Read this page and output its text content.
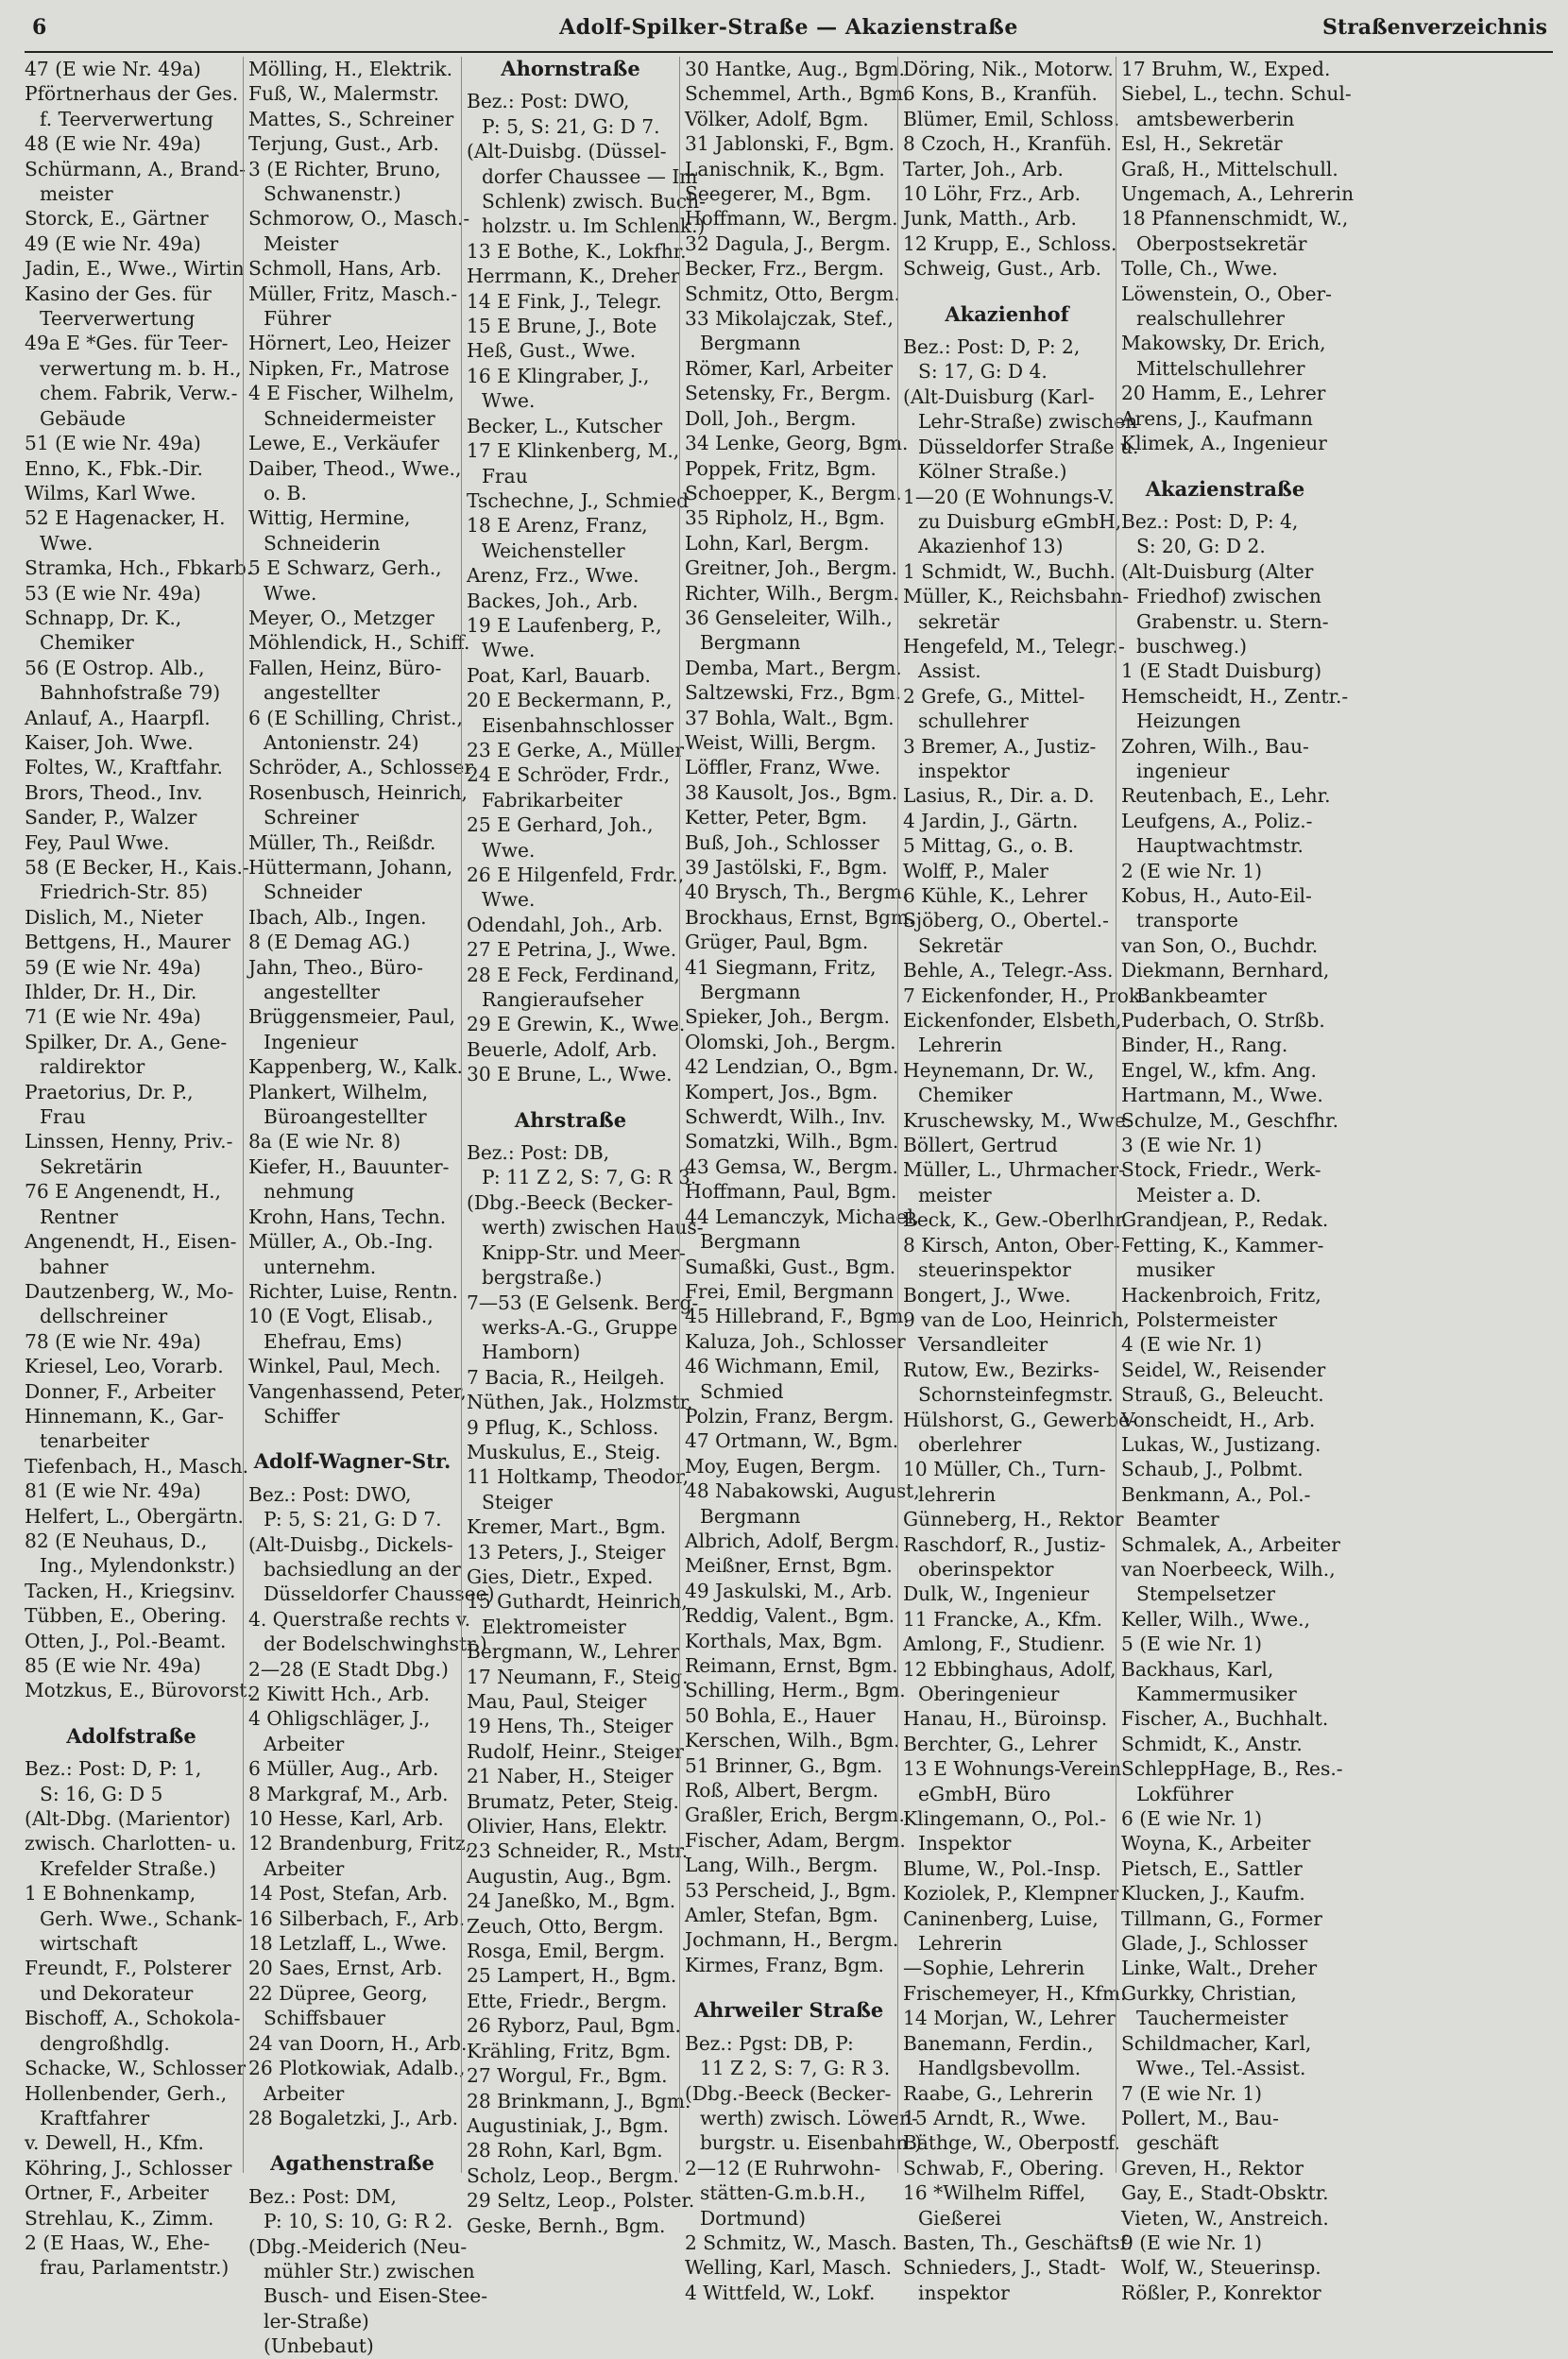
6	Adolf-Spilker-Straße — Akazienstraße	Straßenverzeichnis
47 (E wie Nr. 49a)
Pförtnerhaus der Ges.
f. Teerverwertung
48 (E wie Nr. 49a)
Schürmann, A., Brand-
meister
Storck, E., Gärtner
49 (E wie Nr. 49a)
Jadin, E., Wwe., Wirtin
Kasino der Ges. für
Teerverwertung
49a E *Ges. für Teer-
verwertung m. b. H.,
chem. Fabrik, Verw.-
Gebäude
51 (E wie Nr. 49a)
Enno, K., Fbk.-Dir.
Wilms, Karl Wwe.
52 E Hagenacker, H.
Wwe.
Stramka, Hch., Fbkarb.
53 (E wie Nr. 49a)
Schnapp, Dr. K.,
Chemiker
56 (E Ostrop. Alb.,
Bahnhofstraße 79)
Anlauf, A., Haarpfl.
Kaiser, Joh. Wwe.
Foltes, W., Kraftfahr.
Brors, Theod., Inv.
Sander, P., Walzer
Fey, Paul Wwe.
58 (E Becker, H., Kais.-
Friedrich-Str. 85)
Dislich, M., Nieter
Bettgens, H., Maurer
59 (E wie Nr. 49a)
Ihlder, Dr. H., Dir.
71 (E wie Nr. 49a)
Spilker, Dr. A., Gene-
raldirektor
Praetorius, Dr. P.,
Frau
Linssen, Henny, Priv.-
Sekretärin
76 E Angenendt, H.,
Rentner
Angenendt, H., Eisen-
bahner
Dautzenberg, W., Mo-
dellschreiner
78 (E wie Nr. 49a)
Kriesel, Leo, Vorarb.
Donner, F., Arbeiter
Hinnemann, K., Gar-
tenarbeiter
Tiefenbach, H., Masch.
81 (E wie Nr. 49a)
Helfert, L., Obergärtn.
82 (E Neuhaus, D.,
Ing., Mylendonkstr.)
Tacken, H., Kriegsinv.
Tübben, E., Obering.
Otten, J., Pol.-Beamt.
85 (E wie Nr. 49a)
Motzkus, E., Bürovorst.
Adolfstraße
Bez.: Post: D, P: 1,
S: 16, G: D 5
(Alt-Dbg. (Marientor)
zwisch. Charlotten- u.
Krefelder Straße.)
1 E Bohnenkamp,
Gerh. Wwe., Schank-
wirtschaft
Freundt, F., Polsterer
und Dekorateur
Bischoff, A., Schokola-
dengroßhdlg.
Schacke, W., Schlosser
Hollenbender, Gerh.,
Kraftfahrer
v. Dewell, H., Kfm.
Köhring, J., Schlosser
Ortner, F., Arbeiter
Strehlau, K., Zimm.
2 (E Haas, W., Ehe-
frau, Parlamentstr.)
Mölling, H., Elektrik.
Fuß, W., Malermstr.
Mattes, S., Schreiner
Terjung, Gust., Arb.
3 (E Richter, Bruno,
Schwanenstr.)
Schmorow, O., Masch.-
Meister
Schmoll, Hans, Arb.
Müller, Fritz, Masch.-
Führer
Hörnert, Leo, Heizer
Nipken, Fr., Matrose
4 E Fischer, Wilhelm,
Schneidermeister
Lewe, E., Verkäufer
Daiber, Theod., Wwe.,
o. B.
Wittig, Hermine,
Schneiderin
5 E Schwarz, Gerh.,
Wwe.
Meyer, O., Metzger
Möhlendick, H., Schiff.
Fallen, Heinz, Büro-
angestellter
6 (E Schilling, Christ.,
Antonienstr. 24)
Schröder, A., Schlosser
Rosenbusch, Heinrich,
Schreiner
Müller, Th., Reißdr.
Hüttermann, Johann,
Schneider
Ibach, Alb., Ingen.
8 (E Demag AG.)
Jahn, Theo., Büro-
angestellter
Brüggensmeier, Paul,
Ingenieur
Kappenberg, W., Kalk.
Plankert, Wilhelm,
Büroangestellter
8a (E wie Nr. 8)
Kiefer, H., Bauunter-
nehmung
Krohn, Hans, Techn.
Müller, A., Ob.-Ing.
unternehm.
Richter, Luise, Rentn.
10 (E Vogt, Elisab.,
Ehefrau, Ems)
Winkel, Paul, Mech.
Vangenhassend, Peter,
Schiffer
Adolf-Wagner-Str.
Bez.: Post: DWO,
P: 5, S: 21, G: D 7.
(Alt-Duisbg., Dickels-
bachsiedlung an der
Düsseldorfer Chaussee)
4. Querstraße rechts v.
der Bodelschwinghstr.)
2—28 (E Stadt Dbg.)
2 Kiwitt Hch., Arb.
4 Ohligschläger, J.,
Arbeiter
6 Müller, Aug., Arb.
8 Markgraf, M., Arb.
10 Hesse, Karl, Arb.
12 Brandenburg, Fritz,
Arbeiter
14 Post, Stefan, Arb.
16 Silberbach, F., Arb.
18 Letzlaff, L., Wwe.
20 Saes, Ernst, Arb.
22 Düpree, Georg,
Schiffsbauer
24 van Doorn, H., Arb.
26 Plotkowiak, Adalb.,
Arbeiter
28 Bogaletzki, J., Arb.
Agathenstraße
Bez.: Post: DM,
P: 10, S: 10, G: R 2.
(Dbg.-Meiderich (Neu-
mühler Str.) zwischen
Busch- und Eisen-Stee-
ler-Straße)
(Unbebaut)
Ahornstraße
Bez.: Post: DWO,
P: 5, S: 21, G: D 7.
(Alt-Duisbg. (Düssel-
dorfer Chaussee — Im
Schlenk) zwisch. Buch-
holzstr. u. Im Schlenk.)
13 E Bothe, K., Lokfhr.
Herrmann, K., Dreher
14 E Fink, J., Telegr.
15 E Brune, J., Bote
Heß, Gust., Wwe.
16 E Klingraber, J.,
Wwe.
Becker, L., Kutscher
17 E Klinkenberg, M.,
Frau
Tschechne, J., Schmied
18 E Arenz, Franz,
Weichensteller
Arenz, Frz., Wwe.
Backes, Joh., Arb.
19 E Laufenberg, P.,
Wwe.
Poat, Karl, Bauarb.
20 E Beckermann, P.,
Eisenbahnschlosser
23 E Gerke, A., Müller
24 E Schröder, Frdr.,
Fabrikarbeiter
25 E Gerhard, Joh.,
Wwe.
26 E Hilgenfeld, Frdr.,
Wwe.
Odendahl, Joh., Arb.
27 E Petrina, J., Wwe.
28 E Feck, Ferdinand,
Rangieraufseher
29 E Grewin, K., Wwe.
Beuerle, Adolf, Arb.
30 E Brune, L., Wwe.
Ahrstraße
Bez.: Post: DB,
P: 11 Z 2, S: 7, G: R 3.
(Dbg.-Beeck (Becker-
werth) zwischen Haus-
Knipp-Str. und Meer-
bergstraße.)
7—53 (E Gelsenk. Berg-
werks-A.-G., Gruppe
Hamborn)
7 Bacia, R., Heilgeh.
Nüthen, Jak., Holzmstr.
9 Pflug, K., Schloss.
Muskulus, E., Steig.
11 Holtkamp, Theodor,
Steiger
Kremer, Mart., Bgm.
13 Peters, J., Steiger
Gies, Dietr., Exped.
15 Guthardt, Heinrich,
Elektromeister
Bergmann, W., Lehrer
17 Neumann, F., Steig.
Mau, Paul, Steiger
19 Hens, Th., Steiger
Rudolf, Heinr., Steiger
21 Naber, H., Steiger
Brumatz, Peter, Steig.
Olivier, Hans, Elektr.
23 Schneider, R., Mstr.
Augustin, Aug., Bgm.
24 Janeßko, M., Bgm.
Zeuch, Otto, Bergm.
Rosga, Emil, Bergm.
25 Lampert, H., Bgm.
Ette, Friedr., Bergm.
26 Ryborz, Paul, Bgm.
Krähling, Fritz, Bgm.
27 Worgul, Fr., Bgm.
28 Brinkmann, J., Bgm.
Augustiniak, J., Bgm.
28 Rohn, Karl, Bgm.
Scholz, Leop., Bergm.
29 Seltz, Leop., Polster.
Geske, Bernh., Bgm.
30 Hantke, Aug., Bgm.
Schemmel, Arth., Bgm.
Völker, Adolf, Bgm.
31 Jablonski, F., Bgm.
Lanischnik, K., Bgm.
Seegerer, M., Bgm.
Hoffmann, W., Bergm.
32 Dagula, J., Bergm.
Becker, Frz., Bergm.
Schmitz, Otto, Bergm.
33 Mikolajczak, Stef.,
Bergmann
Römer, Karl, Arbeiter
Setensky, Fr., Bergm.
Doll, Joh., Bergm.
34 Lenke, Georg, Bgm.
Poppek, Fritz, Bgm.
Schoepper, K., Bergm.
35 Ripholz, H., Bgm.
Lohn, Karl, Bergm.
Greitner, Joh., Bergm.
Richter, Wilh., Bergm.
36 Genseleiter, Wilh.,
Bergmann
Demba, Mart., Bergm.
Saltzewski, Frz., Bgm.
37 Bohla, Walt., Bgm.
Weist, Willi, Bergm.
Löffler, Franz, Wwe.
38 Kausolt, Jos., Bgm.
Ketter, Peter, Bgm.
Buß, Joh., Schlosser
39 Jastölski, F., Bgm.
40 Brysch, Th., Bergm.
Brockhaus, Ernst, Bgm.
Grüger, Paul, Bgm.
41 Siegmann, Fritz,
Bergmann
Spieker, Joh., Bergm.
Olomski, Joh., Bergm.
42 Lendzian, O., Bgm.
Kompert, Jos., Bgm.
Schwerdt, Wilh., Inv.
Somatzki, Wilh., Bgm.
43 Gemsa, W., Bergm.
Hoffmann, Paul, Bgm.
44 Lemanczyk, Michael,
Bergmann
Sumaßki, Gust., Bgm.
Frei, Emil, Bergmann
45 Hillebrand, F., Bgm.
Kaluza, Joh., Schlosser
46 Wichmann, Emil,
Schmied
Polzin, Franz, Bergm.
47 Ortmann, W., Bgm.
Moy, Eugen, Bergm.
48 Nabakowski, August,
Bergmann
Albrich, Adolf, Bergm.
Meißner, Ernst, Bgm.
49 Jaskulski, M., Arb.
Reddig, Valent., Bgm.
Korthals, Max, Bgm.
Reimann, Ernst, Bgm.
Schilling, Herm., Bgm.
50 Bohla, E., Hauer
Kerschen, Wilh., Bgm.
51 Brinner, G., Bgm.
Roß, Albert, Bergm.
Graßler, Erich, Bergm.
Fischer, Adam, Bergm.
Lang, Wilh., Bergm.
53 Perscheid, J., Bgm.
Amler, Stefan, Bgm.
Jochmann, H., Bergm.
Kirmes, Franz, Bgm.
Ahrweiler Straße
Bez.: Pgst: DB, P:
11 Z 2, S: 7, G: R 3.
(Dbg.-Beeck (Becker-
werth) zwisch. Löwen-
burgstr. u. Eisenbahn.)
2—12 (E Ruhrwohn-
stätten-G.m.b.H.,
Dortmund)
2 Schmitz, W., Masch.
Welling, Karl, Masch.
4 Wittfeld, W., Lokf.
Döring, Nik., Motorw.
6 Kons, B., Kranfüh.
Blümer, Emil, Schloss.
8 Czoch, H., Kranfüh.
Tarter, Joh., Arb.
10 Löhr, Frz., Arb.
Junk, Matth., Arb.
12 Krupp, E., Schloss.
Schweig, Gust., Arb.
Akazienhof
Bez.: Post: D, P: 2,
S: 17, G: D 4.
(Alt-Duisburg (Karl-
Lehr-Straße) zwischen
Düsseldorfer Straße u.
Kölner Straße.)
1—20 (E Wohnungs-V.
zu Duisburg eGmbH,
Akazienhof 13)
1 Schmidt, W., Buchh.
Müller, K., Reichsbahn-
sekretär
Hengefeld, M., Telegr.-
Assist.
2 Grefe, G., Mittel-
schullehrer
3 Bremer, A., Justiz-
inspektor
Lasius, R., Dir. a. D.
4 Jardin, J., Gärtn.
5 Mittag, G., o. B.
Wolff, P., Maler
6 Kühle, K., Lehrer
Sjöberg, O., Obertel.-
Sekretär
Behle, A., Telegr.-Ass.
7 Eickenfonder, H., Prok.
Eickenfonder, Elsbeth,
Lehrerin
Heynemann, Dr. W.,
Chemiker
Kruschewsky, M., Wwe.
Böllert, Gertrud
Müller, L., Uhrmacher-
meister
Beck, K., Gew.-Oberlhr.
8 Kirsch, Anton, Ober-
steuerinspektor
Bongert, J., Wwe.
9 van de Loo, Heinrich,
Versandleiter
Rutow, Ew., Bezirks-
Schornsteinfegmstr.
Hülshorst, G., Gewerbe-
oberlehrer
10 Müller, Ch., Turn-
lehrerin
Günneberg, H., Rektor
Raschdorf, R., Justiz-
oberinspektor
Dulk, W., Ingenieur
11 Francke, A., Kfm.
Amlong, F., Studienr.
12 Ebbinghaus, Adolf,
Oberingenieur
Hanau, H., Büroinsp.
Berchter, G., Lehrer
13 E Wohnungs-Verein
eGmbH, Büro
Klingemann, O., Pol.-
Inspektor
Blume, W., Pol.-Insp.
Koziolek, P., Klempner
Caninenberg, Luise,
Lehrerin
—Sophie, Lehrerin
Frischemeyer, H., Kfm.
14 Morjan, W., Lehrer
Banemann, Ferdin.,
Handlgsbevollm.
Raabe, G., Lehrerin
15 Arndt, R., Wwe.
Bäthge, W., Oberpostf.
Schwab, F., Obering.
16 *Wilhelm Riffel,
Gießerei
Basten, Th., Geschäftsf.
Schnieders, J., Stadt-
inspektor
17 Bruhm, W., Exped.
Siebel, L., techn. Schul-
amtsbewerberin
Esl, H., Sekretär
Graß, H., Mittelschull.
Ungemach, A., Lehrerin
18 Pfannenschmidt, W.,
Oberpostsekretär
Tolle, Ch., Wwe.
Löwenstein, O., Ober-
realschullehrer
Makowsky, Dr. Erich,
Mittelschullehrer
20 Hamm, E., Lehrer
Arens, J., Kaufmann
Klimek, A., Ingenieur
Akazienstraße
Bez.: Post: D, P: 4,
S: 20, G: D 2.
(Alt-Duisburg (Alter
Friedhof) zwischen
Grabenstr. u. Stern-
buschweg.)
1 (E Stadt Duisburg)
Hemscheidt, H., Zentr.-
Heizungen
Zohren, Wilh., Bau-
ingenieur
Reutenbach, E., Lehr.
Leufgens, A., Poliz.-
Hauptwachtmstr.
2 (E wie Nr. 1)
Kobus, H., Auto-Eil-
transporte
van Son, O., Buchdr.
Diekmann, Bernhard,
Bankbeamter
Puderbach, O. Strßb.
Binder, H., Rang.
Engel, W., kfm. Ang.
Hartmann, M., Wwe.
Schulze, M., Geschfhr.
3 (E wie Nr. 1)
Stock, Friedr., Werk-
Meister a. D.
Grandjean, P., Redak.
Fetting, K., Kammer-
musiker
Hackenbroich, Fritz,
Polstermeister
4 (E wie Nr. 1)
Seidel, W., Reisender
Strauß, G., Beleucht.
Vonscheidt, H., Arb.
Lukas, W., Justizang.
Schaub, J., Polbmt.
Benkmann, A., Pol.-
Beamter
Schmalek, A., Arbeiter
van Noerbeeck, Wilh.,
Stempelsetzer
Keller, Wilh., Wwe.,
5 (E wie Nr. 1)
Backhaus, Karl,
Kammermusiker
Fischer, A., Buchhalt.
Schmidt, K., Anstr.
SchleppHage, B., Res.-
Lokführer
6 (E wie Nr. 1)
Woyna, K., Arbeiter
Pietsch, E., Sattler
Klucken, J., Kaufm.
Tillmann, G., Former
Glade, J., Schlosser
Linke, Walt., Dreher
Gurkky, Christian,
Tauchermeister
Schildmacher, Karl,
Wwe., Tel.-Assist.
7 (E wie Nr. 1)
Pollert, M., Bau-
geschäft
Greven, H., Rektor
Gay, E., Stadt-Obsktr.
Vieten, W., Anstreich.
9 (E wie Nr. 1)
Wolf, W., Steuerinsp.
Rößler, P., Konrektor
